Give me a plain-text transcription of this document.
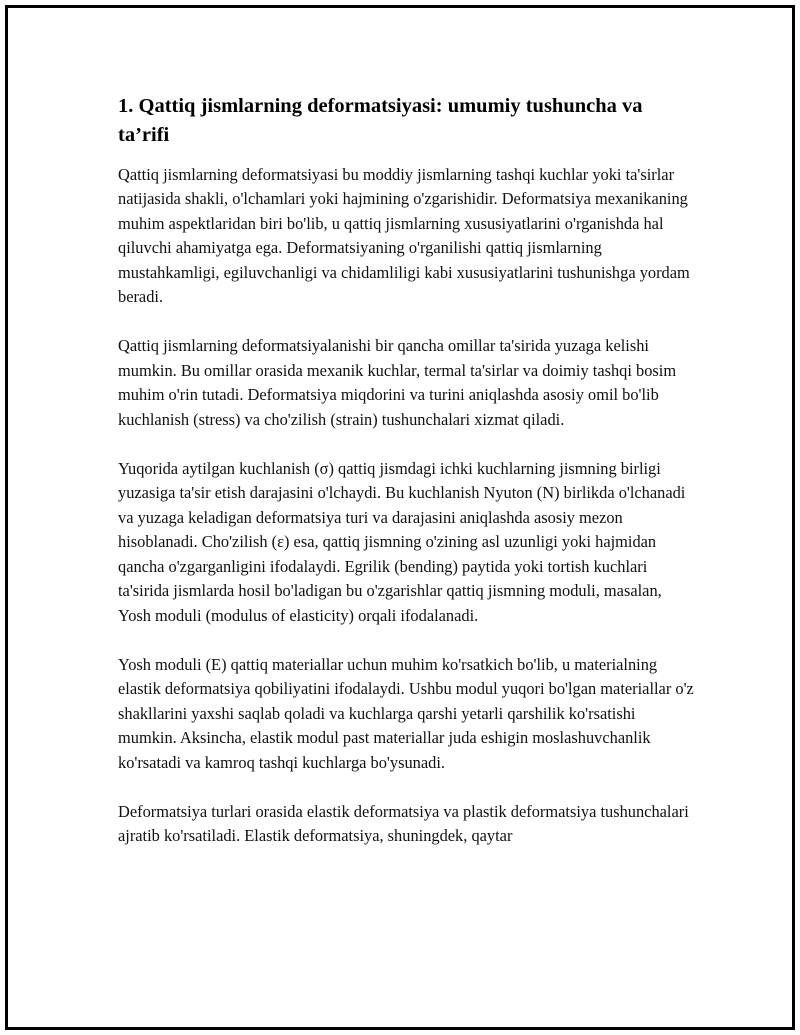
1. Qattiq jismlarning deformatsiyasi: umumiy tushuncha va ta’rifi

Qattiq jismlarning deformatsiyasi bu moddiy jismlarning tashqi kuchlar yoki ta'sirlar natijasida shakli, o'lchamlari yoki hajmining o'zgarishidir. Deformatsiya mexanikaning muhim aspektlaridan biri bo'lib, u qattiq jismlarning xususiyatlarini o'rganishda hal qiluvchi ahamiyatga ega. Deformatsiyaning o'rganilishi qattiq jismlarning mustahkamligi, egiluvchanligi va chidamliligi kabi xususiyatlarini tushunishga yordam beradi.

Qattiq jismlarning deformatsiyalanishi bir qancha omillar ta'sirida yuzaga kelishi mumkin. Bu omillar orasida mexanik kuchlar, termal ta'sirlar va doimiy tashqi bosim muhim o'rin tutadi. Deformatsiya miqdorini va turini aniqlashda asosiy omil bo'lib kuchlanish (stress) va cho'zilish (strain) tushunchalari xizmat qiladi.

Yuqorida aytilgan kuchlanish (σ) qattiq jismdagi ichki kuchlarning jismning birligi yuzasiga ta'sir etish darajasini o'lchaydi. Bu kuchlanish Nyuton (N) birlikda o'lchanadi va yuzaga keladigan deformatsiya turi va darajasini aniqlashda asosiy mezon hisoblanadi. Cho'zilish (ε) esa, qattiq jismning o'zining asl uzunligi yoki hajmidan qancha o'zgarganligini ifodalaydi. Egrilik (bending) paytida yoki tortish kuchlari ta'sirida jismlarda hosil bo'ladigan bu o'zgarishlar qattiq jismning moduli, masalan, Yosh moduli (modulus of elasticity) orqali ifodalanadi.

Yosh moduli (E) qattiq materiallar uchun muhim ko'rsatkich bo'lib, u materialning elastik deformatsiya qobiliyatini ifodalaydi. Ushbu modul yuqori bo'lgan materiallar o'z shakllarini yaxshi saqlab qoladi va kuchlarga qarshi yetarli qarshilik ko'rsatishi mumkin. Aksincha, elastik modul past materiallar juda eshigin moslashuvchanlik ko'rsatadi va kamroq tashqi kuchlarga bo'ysunadi.

Deformatsiya turlari orasida elastik deformatsiya va plastik deformatsiya tushunchalari ajratib ko'rsatiladi. Elastik deformatsiya, shuningdek, qaytar
